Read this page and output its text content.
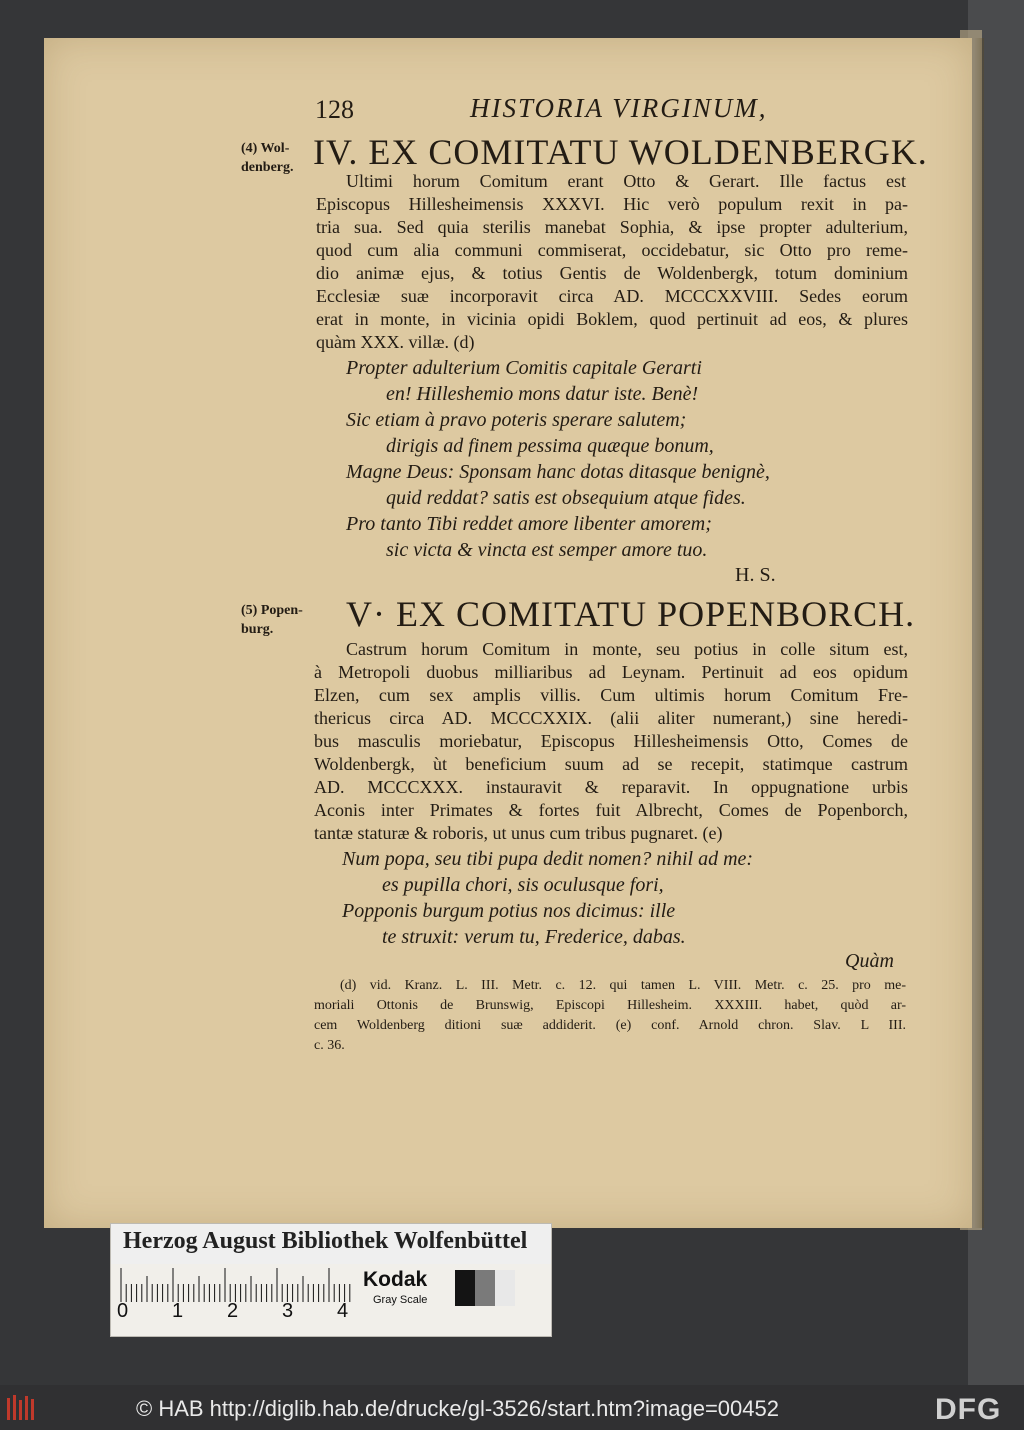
128	HISTORIA VIRGINUM,
(4) Wol-
denberg. IV. EX COMITATU WOLDENBERGK.
Ultimi horum Comitum erant Otto & Gerart. Ille factus est
Episcopus Hillesheimensis XXXVI. Hic verò populum rexit in pa-
tria sua. Sed quia sterilis manebat Sophia, & ipse propter adulterium,
quod cum alia communi commiserat, occidebatur, sic Otto pro reme-
dio animæ ejus, & totius Gentis de Woldenbergk, totum dominium
Ecclesiæ suæ incorporavit circa AD. MCCCXXVIII. Sedes eorum
erat in monte, in vicinia opidi Boklem, quod pertinuit ad eos, & plures
quàm XXX. villæ. (d)
Propter adulterium Comitis capitale Gerarti
en! Hilleshemio mons datur iste. Benè!
Sic etiam à pravo poteris sperare salutem;
dirigis ad finem pessima quæque bonum,
Magne Deus: Sponsam hanc dotas ditasque benignè,
quid reddat? satis est obsequium atque fides.
Pro tanto Tibi reddet amore libenter amorem;
sic victa & vincta est semper amore tuo.
H. S.
(5) Popen-
burg.	V· EX COMITATU POPENBORCH.
Castrum horum Comitum in monte, seu potius in colle situm est,
à Metropoli duobus milliaribus ad Leynam. Pertinuit ad eos opidum
Elzen, cum sex amplis villis. Cum ultimis horum Comitum Fre-
thericus circa AD. MCCCXXIX. (alii aliter numerant,) sine heredi-
bus masculis moriebatur, Episcopus Hillesheimensis Otto, Comes de
Woldenbergk, ùt beneficium suum ad se recepit, statimque castrum
AD. MCCCXXX. instauravit & reparavit. In oppugnatione urbis
Aconis inter Primates & fortes fuit Albrecht, Comes de Popenborch,
tantæ staturæ & roboris, ut unus cum tribus pugnaret. (e)
Num popa, seu tibi pupa dedit nomen? nihil ad me:
es pupilla chori, sis oculusque fori,
Popponis burgum potius nos dicimus: ille
te struxit: verum tu, Frederice, dabas.
Quàm
(d) vid. Kranz. L. III. Metr. c. 12. qui tamen L. VIII. Metr. c. 25. pro me-
moriali Ottonis de Brunswig, Episcopi Hillesheim. XXXIII. habet, quòd ar-
cem Woldenberg ditioni suæ addiderit. (e) conf. Arnold chron. Slav. L III.
c. 36.
Herzog August Bibliothek Wolfenbüttel
0 1 2 3 4
Kodak
Gray Scale
© HAB http://diglib.hab.de/drucke/gl-3526/start.htm?image=00452	DFG
